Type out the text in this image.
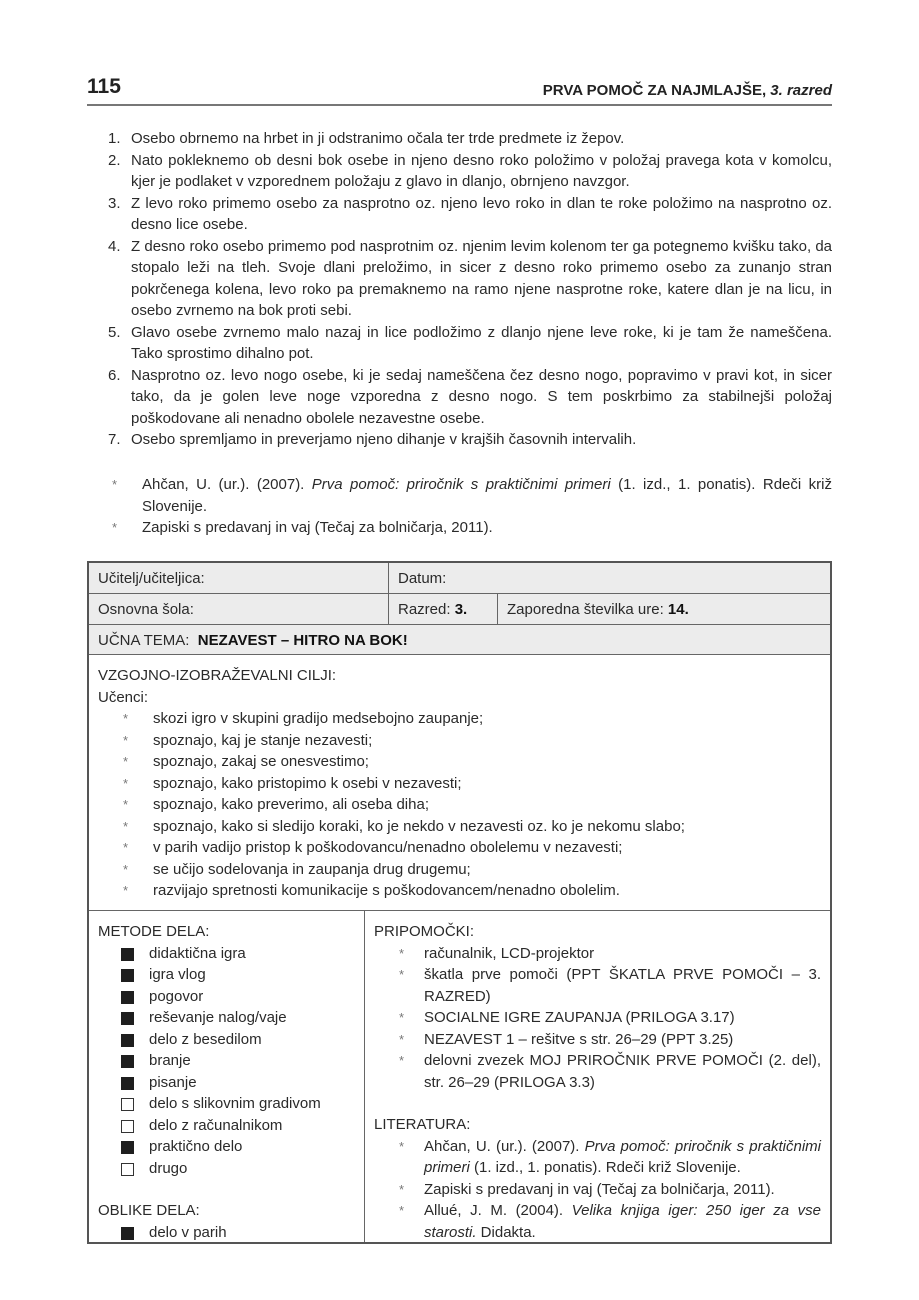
115	PRVA POMOČ ZA NAJMLAJŠE, 3. razred
1. Osebo obrnemo na hrbet in ji odstranimo očala ter trde predmete iz žepov.
2. Nato pokleknemo ob desni bok osebe in njeno desno roko položimo v položaj pravega kota v komolcu, kjer je podlaket v vzporednem položaju z glavo in dlanjo, obrnjeno navzgor.
3. Z levo roko primemo osebo za nasprotno oz. njeno levo roko in dlan te roke položimo na nasprotno oz. desno lice osebe.
4. Z desno roko osebo primemo pod nasprotnim oz. njenim levim kolenom ter ga potegnemo kvišku tako, da stopalo leži na tleh. Svoje dlani preložimo, in sicer z desno roko primemo osebo za zunanjo stran pokrčenega kolena, levo roko pa premaknemo na ramo njene nasprotne roke, katere dlan je na licu, in osebo zvrnemo na bok proti sebi.
5. Glavo osebe zvrnemo malo nazaj in lice podložimo z dlanjo njene leve roke, ki je tam že nameščena. Tako sprostimo dihalno pot.
6. Nasprotno oz. levo nogo osebe, ki je sedaj nameščena čez desno nogo, popravimo v pravi kot, in sicer tako, da je golen leve noge vzporedna z desno nogo. S tem poskrbimo za stabilnejši položaj poškodovane ali nenadno obolele nezavestne osebe.
7. Osebo spremljamo in preverjamo njeno dihanje v krajših časovnih intervalih.
* Ahčan, U. (ur.). (2007). Prva pomoč: priročnik s praktičnimi primeri (1. izd., 1. ponatis). Rdeči križ Slovenije.
* Zapiski s predavanj in vaj (Tečaj za bolničarja, 2011).
Učitelj/učiteljica:	Datum:
Osnovna šola:	Razred: 3.	Zaporedna številka ure: 14.
UČNA TEMA:  NEZAVEST – HITRO NA BOK!
VZGOJNO-IZOBRAŽEVALNI CILJI:
Učenci:
* skozi igro v skupini gradijo medsebojno zaupanje;
* spoznajo, kaj je stanje nezavesti;
* spoznajo, zakaj se onesvestimo;
* spoznajo, kako pristopimo k osebi v nezavesti;
* spoznajo, kako preverimo, ali oseba diha;
* spoznajo, kako si sledijo koraki, ko je nekdo v nezavesti oz. ko je nekomu slabo;
* v parih vadijo pristop k poškodovancu/nenadno obolelemu v nezavesti;
* se učijo sodelovanja in zaupanja drug drugemu;
* razvijajo spretnosti komunikacije s poškodovancem/nenadno obolelim.
METODE DELA:
didaktična igra
igra vlog
pogovor
reševanje nalog/vaje
delo z besedilom
branje
pisanje
delo s slikovnim gradivom
delo z računalnikom
praktično delo
drugo
OBLIKE DELA:
delo v parih
PRIPOMOČKI:
* računalnik, LCD-projektor
* škatla prve pomoči (PPT ŠKATLA PRVE POMOČI – 3. RAZRED)
* SOCIALNE IGRE ZAUPANJA (PRILOGA 3.17)
* NEZAVEST 1 – rešitve s str. 26–29 (PPT 3.25)
* delovni zvezek MOJ PRIROČNIK PRVE POMOČI (2. del), str. 26–29 (PRILOGA 3.3)
LITERATURA:
* Ahčan, U. (ur.). (2007). Prva pomoč: priročnik s praktičnimi primeri (1. izd., 1. ponatis). Rdeči križ Slovenije.
* Zapiski s predavanj in vaj (Tečaj za bolničarja, 2011).
* Allué, J. M. (2004). Velika knjiga iger: 250 iger za vse starosti. Didakta.
